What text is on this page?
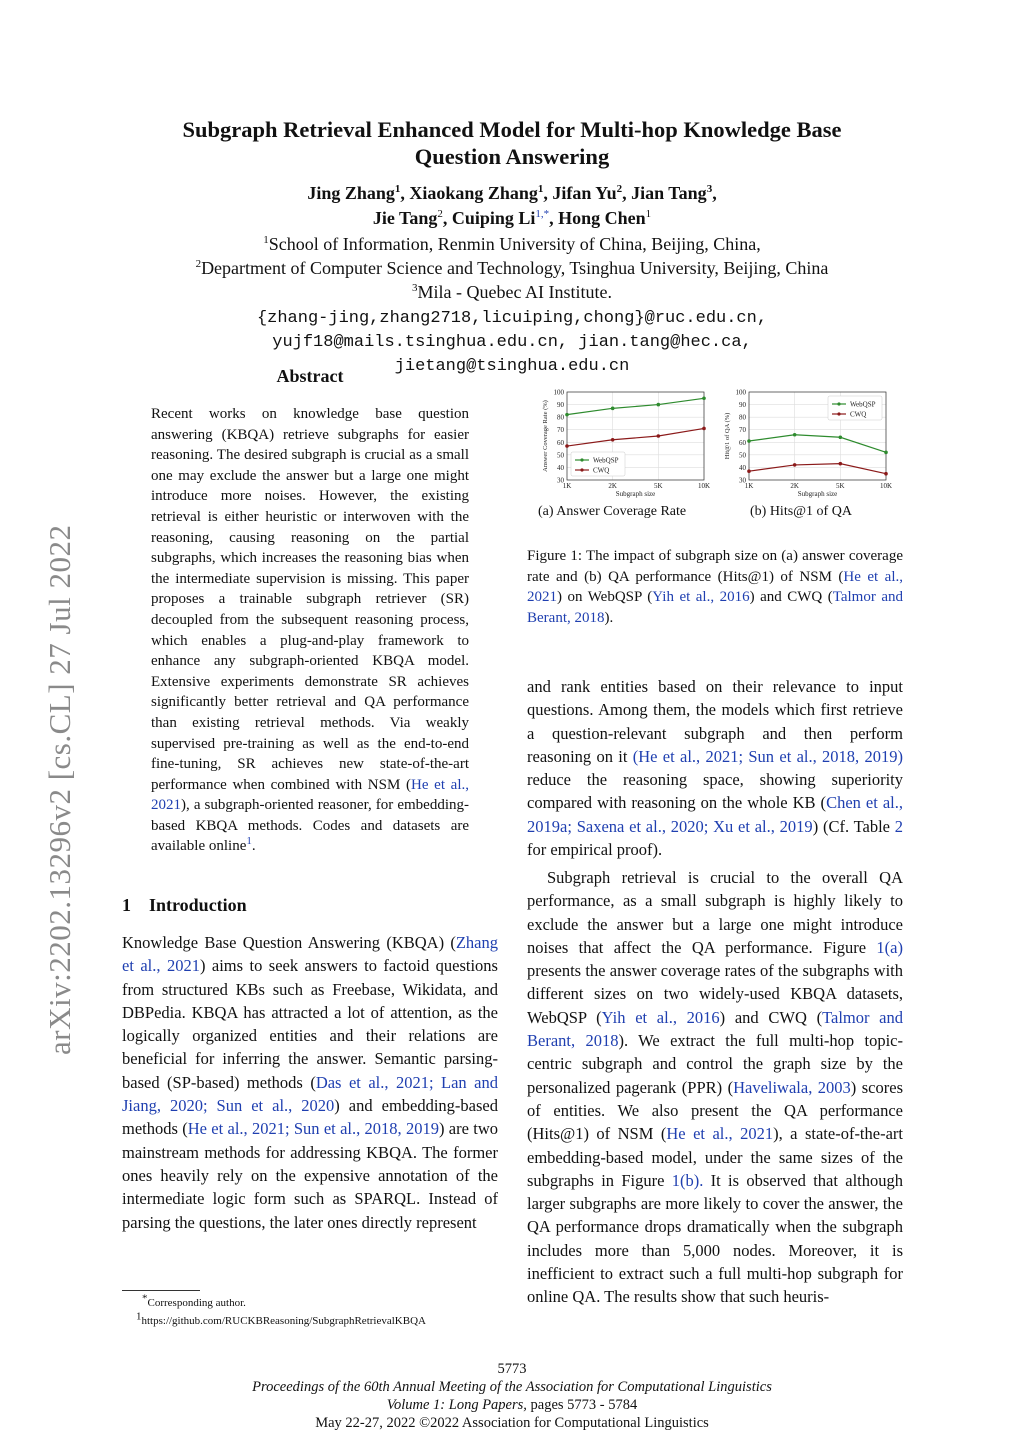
arXiv:2202.13296v2 [cs.CL] 27 Jul 2022
Subgraph Retrieval Enhanced Model for Multi-hop Knowledge Base
Question Answering
Jing Zhang$^1$, Xiaokang Zhang$^1$, Jifan Yu$^2$, Jian Tang$^3$,
Jie Tang$^2$, Cuiping $Li^{1,*}$, Hong Chen$^1$
$^1$School of Information, Renmin University of China, Beijing, China,
$^2$Department of Computer Science and Technology, Tsinghua University, Beijing, China
$^3$Mila - Quebec AI Institute.
{zhang-jing,zhang2718,licuiping,chong}@ruc.edu.cn,
yujf18@mails.tsinghua.edu.cn, jian.tang@hec.ca,
jietang@tsinghua.edu.cn
Abstract

Recent works on knowledge base question answering (KBQA) retrieve subgraphs for easier reasoning. The desired subgraph is crucial as a small one may exclude the answer but a large one might introduce more noises. However, the existing retrieval is either heuristic or interwoven with the reasoning, causing reasoning on the partial subgraphs, which increases the reasoning bias when the intermediate supervision is missing. This paper proposes a trainable subgraph retriever (SR) decoupled from the subsequent reasoning process, which enables a plug-and-play framework to enhance any subgraph-oriented KBQA model. Extensive experiments demonstrate SR achieves significantly better retrieval and QA performance than existing retrieval methods. Via weakly supervised pre-training as well as the end-to-end fine-tuning, SR achieves new state-of-the-art performance when combined with NSM (He et al., 2021), a subgraph-oriented reasoner, for embedding-based KBQA methods. Codes and datasets are available online$^1$.

1 Introduction

Knowledge Base Question Answering (KBQA) (Zhang et al., 2021) aims to seek answers to factoid questions from structured KBs such as Freebase, Wikidata, and DBPedia. KBQA has attracted a lot of attention, as the logically organized entities and their relations are beneficial for inferring the answer. Semantic parsing-based (SP-based) methods (Das et al., 2021; Lan and Jiang, 2020; Sun et al., 2020) and embedding-based methods (He et al., 2021; Sun et al., 2018, 2019) are two mainstream methods for addressing KBQA. The former ones heavily rely on the expensive annotation of the intermediate logic form such as SPARQL. Instead of parsing the questions, the later ones directly represent

*Corresponding author.
$^1$https://github.com/RUCKBReasoning/SubgraphRetrievalKBQA
30
40
50
60
70
80
90
100
1K	2K	5K	10K
Subgraph size
Answer Coverage Rate (%)	WebQSP
CWQ
30
40
50
60
70
80
90
100
1K	2K	5K	10K
Subgraph size
Hit@1 of QA (%)
WebQSP
CWQ
(a) Answer Coverage Rate	(b) Hits@1 of QA

Figure 1: The impact of subgraph size on (a) answer coverage rate and (b) QA performance (Hits@1) of NSM (He et al., 2021) on WebQSP (Yih et al., 2016) and CWQ (Talmor and Berant, 2018).

and rank entities based on their relevance to input questions. Among them, the models which first retrieve a question-relevant subgraph and then perform reasoning on it (He et al., 2021; Sun et al., 2018, 2019) reduce the reasoning space, showing superiority compared with reasoning on the whole KB (Chen et al., 2019a; Saxena et al., 2020; Xu et al., 2019) (Cf. Table 2 for empirical proof).

Subgraph retrieval is crucial to the overall QA performance, as a small subgraph is highly likely to exclude the answer but a large one might introduce noises that affect the QA performance. Figure 1(a) presents the answer coverage rates of the subgraphs with different sizes on two widely-used KBQA datasets, WebQSP (Yih et al., 2016) and CWQ (Talmor and Berant, 2018). We extract the full multi-hop topic-centric subgraph and control the graph size by the personalized pagerank (PPR) (Haveliwala, 2003) scores of entities. We also present the QA performance (Hits@1) of NSM (He et al., 2021), a state-of-the-art embedding-based model, under the same sizes of the subgraphs in Figure 1(b). It is observed that although larger subgraphs are more likely to cover the answer, the QA performance drops dramatically when the subgraph includes more than 5,000 nodes. Moreover, it is inefficient to extract such a full multi-hop subgraph for online QA. The results show that such heuris-

5773
Proceedings of the 60th Annual Meeting of the Association for Computational Linguistics
Volume 1: Long Papers, pages 5773 - 5784
May 22-27, 2022 ©2022 Association for Computational Linguistics
